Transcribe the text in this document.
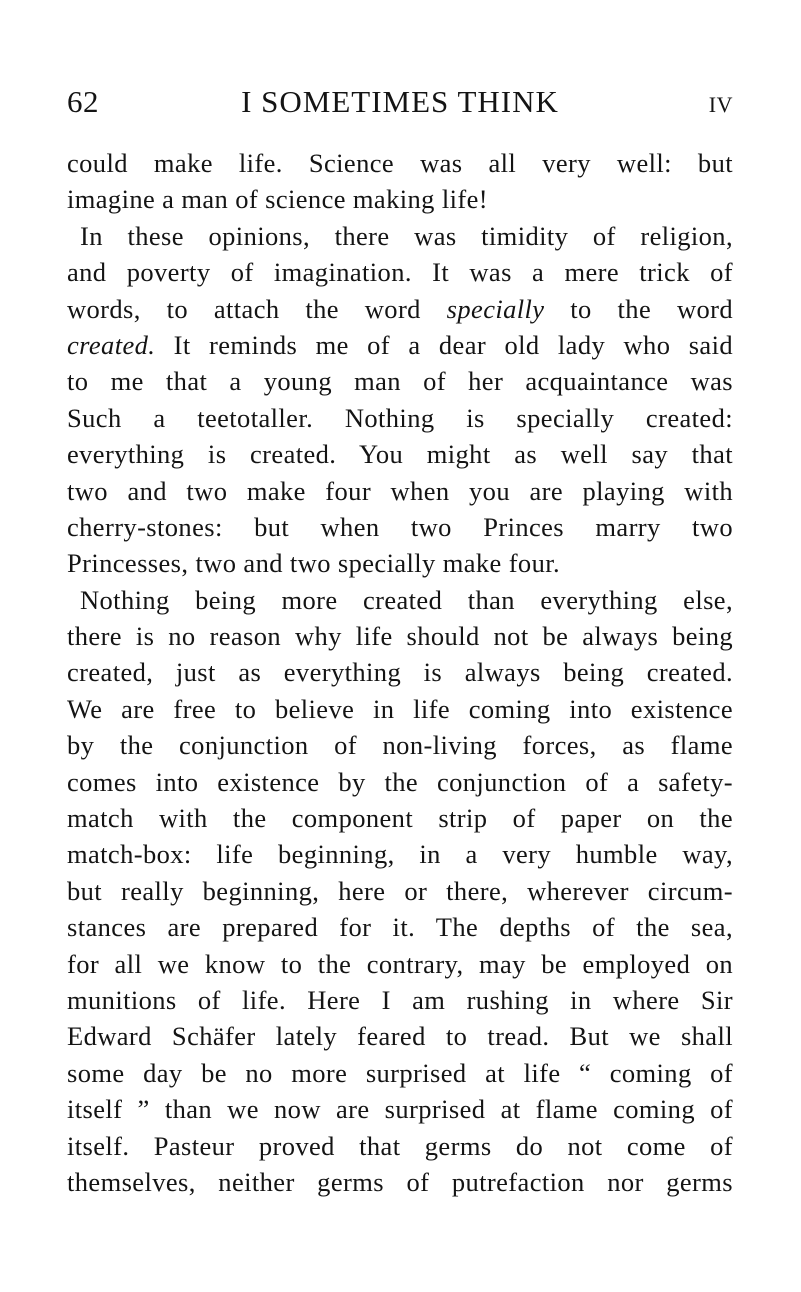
62	I SOMETIMES THINK	iv
could make life. Science was all very well: but
imagine a man of science making life!
In these opinions, there was timidity of religion,
and poverty of imagination. It was a mere trick of
words, to attach the word specially to the word
created. It reminds me of a dear old lady who said
to me that a young man of her acquaintance was
Such a teetotaller. Nothing is specially created:
everything is created. You might as well say that
two and two make four when you are playing with
cherry-stones: but when two Princes marry two
Princesses, two and two specially make four.
Nothing being more created than everything else,
there is no reason why life should not be always being
created, just as everything is always being created.
We are free to believe in life coming into existence
by the conjunction of non-living forces, as flame
comes into existence by the conjunction of a safety-
match with the component strip of paper on the
match-box: life beginning, in a very humble way,
but really beginning, here or there, wherever circum-
stances are prepared for it. The depths of the sea,
for all we know to the contrary, may be employed on
munitions of life. Here I am rushing in where Sir
Edward Schäfer lately feared to tread. But we shall
some day be no more surprised at life “ coming of
itself ” than we now are surprised at flame coming of
itself. Pasteur proved that germs do not come of
themselves, neither germs of putrefaction nor germs
